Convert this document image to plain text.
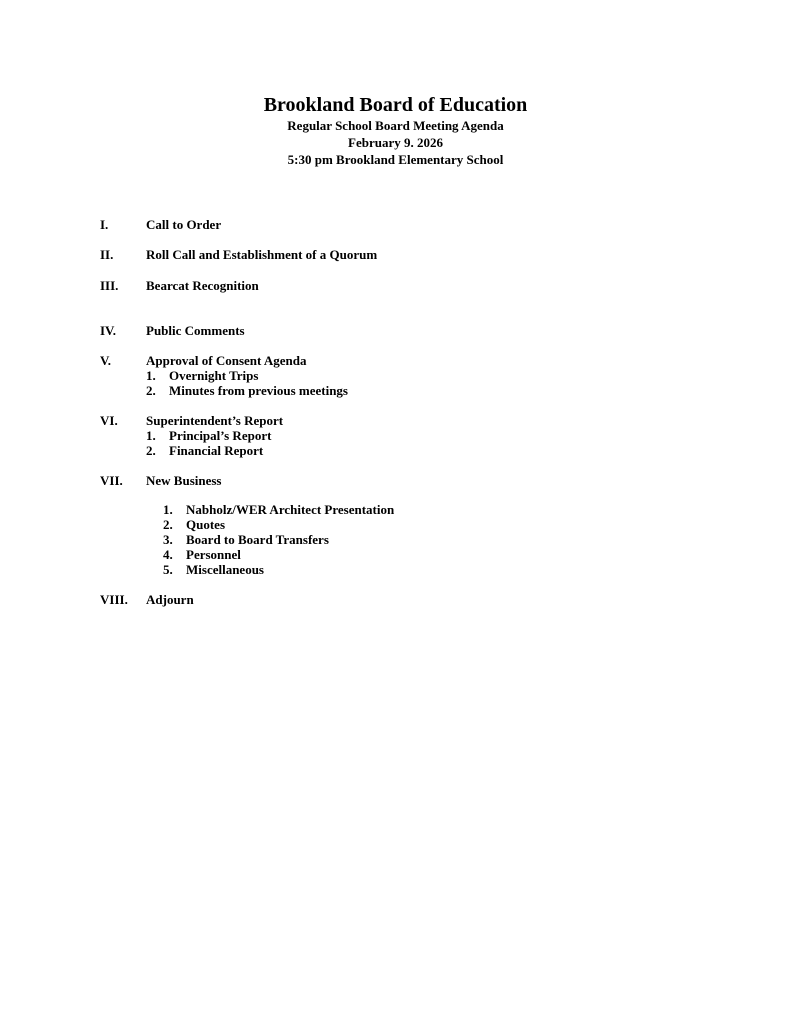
Brookland Board of Education

Regular School Board Meeting Agenda

February 9. 2026

5:30 pm Brookland Elementary School

I.	Call to Order
II.	Roll Call and Establishment of a Quorum
III. Bearcat Recognition
IV. Public Comments
V.	Approval of Consent Agenda
1. Overnight Trips
2. Minutes from previous meetings
VI. Superintendent’s Report
1. Principal’s Report
2. Financial Report
VII. New Business
1. Nabholz/WER Architect Presentation
2. Quotes
3. Board to Board Transfers
4. Personnel
5. Miscellaneous
VIII. Adjourn
